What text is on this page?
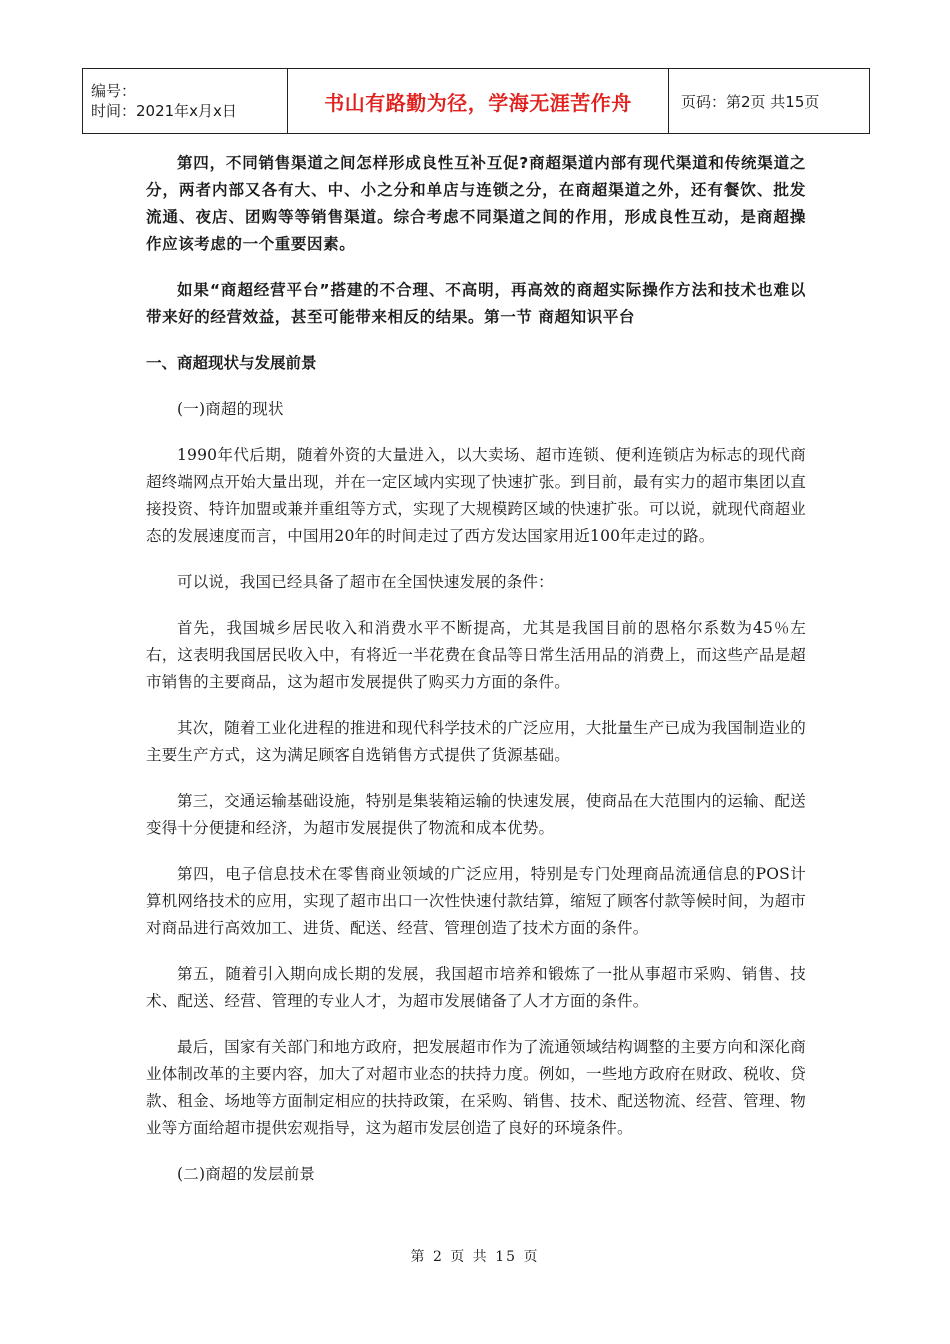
编号：
时间：2021年x月x日	书山有路勤为径，学海无涯苦作舟	页码：第2页 共15页

第四，不同销售渠道之间怎样形成良性互补互促?商超渠道内部有现代渠道和传统渠道之分，两者内部又各有大、中、小之分和单店与连锁之分，在商超渠道之外，还有餐饮、批发流通、夜店、团购等等销售渠道。综合考虑不同渠道之间的作用，形成良性互动，是商超操作应该考虑的一个重要因素。

如果“商超经营平台”搭建的不合理、不高明，再高效的商超实际操作方法和技术也难以带来好的经营效益，甚至可能带来相反的结果。第一节 商超知识平台

一、商超现状与发展前景

(一)商超的现状

1990年代后期，随着外资的大量进入，以大卖场、超市连锁、便利连锁店为标志的现代商超终端网点开始大量出现，并在一定区域内实现了快速扩张。到目前，最有实力的超市集团以直接投资、特许加盟或兼并重组等方式，实现了大规模跨区域的快速扩张。可以说，就现代商超业态的发展速度而言，中国用20年的时间走过了西方发达国家用近100年走过的路。

可以说，我国已经具备了超市在全国快速发展的条件：

首先，我国城乡居民收入和消费水平不断提高，尤其是我国目前的恩格尔系数为45％左右，这表明我国居民收入中，有将近一半花费在食品等日常生活用品的消费上，而这些产品是超市销售的主要商品，这为超市发展提供了购买力方面的条件。

其次，随着工业化进程的推进和现代科学技术的广泛应用，大批量生产已成为我国制造业的主要生产方式，这为满足顾客自选销售方式提供了货源基础。

第三，交通运输基础设施，特别是集装箱运输的快速发展，使商品在大范围内的运输、配送变得十分便捷和经济，为超市发展提供了物流和成本优势。

第四，电子信息技术在零售商业领域的广泛应用，特别是专门处理商品流通信息的POS计算机网络技术的应用，实现了超市出口一次性快速付款结算，缩短了顾客付款等候时间，为超市对商品进行高效加工、进货、配送、经营、管理创造了技术方面的条件。

第五，随着引入期向成长期的发展，我国超市培养和锻炼了一批从事超市采购、销售、技术、配送、经营、管理的专业人才，为超市发展储备了人才方面的条件。

最后，国家有关部门和地方政府，把发展超市作为了流通领域结构调整的主要方向和深化商业体制改革的主要内容，加大了对超市业态的扶持力度。例如，一些地方政府在财政、税收、贷款、租金、场地等方面制定相应的扶持政策，在采购、销售、技术、配送物流、经营、管理、物业等方面给超市提供宏观指导，这为超市发层创造了良好的环境条件。

(二)商超的发层前景

第 2 页 共 15 页
